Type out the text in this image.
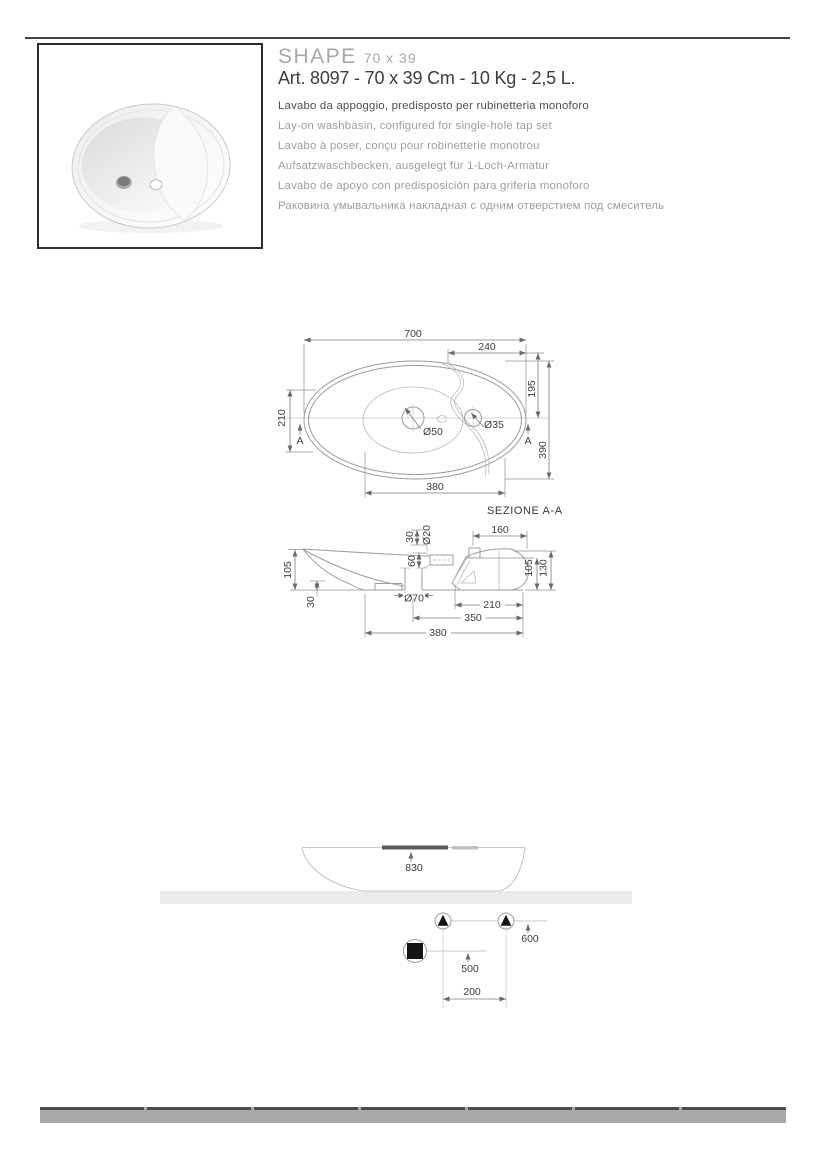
SHAPE 70 x 39
Art. 8097 - 70 x 39 Cm - 10 Kg - 2,5 L.
Lavabo da appoggio, predisposto per rubinetteria monoforo
Lay-on washbasin, configured for single-hole tap set
Lavabo à poser, conçu pour robinetterie monotrou
Aufsatzwaschbecken, ausgelegt für 1-Loch-Armatur
Lavabo de apoyo con predisposición para griferia monoforo
Раковина умывальника накладная с одним отверстием под смеситель
Ø50
Ø35
A	A
700
240
195
390
210
380
SEZIONE A-A
105
30
30 Ø20
60
160
105 130
Ø70
210
350
380
830
600
500
200
